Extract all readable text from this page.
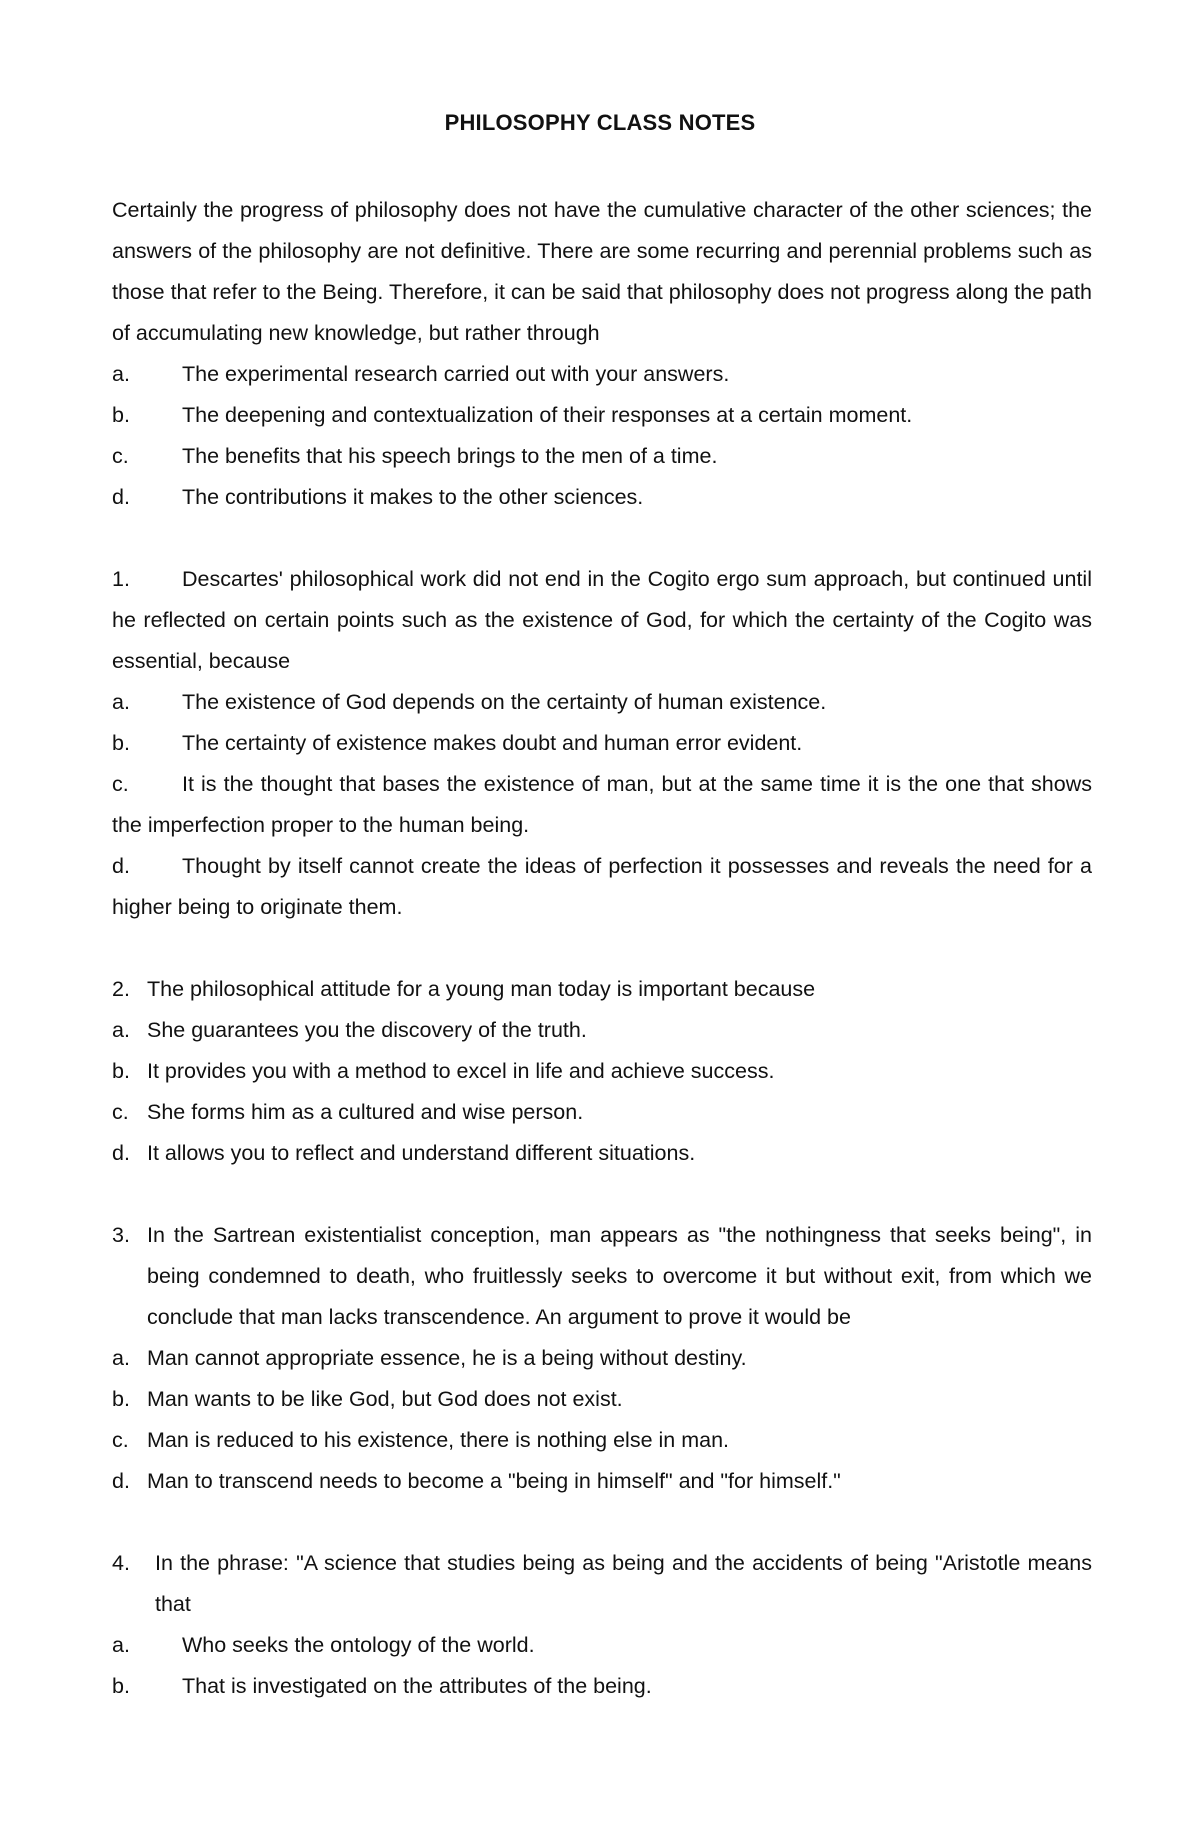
PHILOSOPHY CLASS NOTES

Certainly the progress of philosophy does not have the cumulative character of the other sciences; the answers of the philosophy are not definitive. There are some recurring and perennial problems such as those that refer to the Being. Therefore, it can be said that philosophy does not progress along the path of accumulating new knowledge, but rather through

a.	The experimental research carried out with your answers.
b.	The deepening and contextualization of their responses at a certain moment.
c.	The benefits that his speech brings to the men of a time.
d.	The contributions it makes to the other sciences.

1. Descartes' philosophical work did not end in the Cogito ergo sum approach, but continued until he reflected on certain points such as the existence of God, for which the certainty of the Cogito was essential, because

a.	The existence of God depends on the certainty of human existence.
b.	The certainty of existence makes doubt and human error evident.

c. It is the thought that bases the existence of man, but at the same time it is the one that shows the imperfection proper to the human being.

d. Thought by itself cannot create the ideas of perfection it possesses and reveals the need for a higher being to originate them.

2. The philosophical attitude for a young man today is important because
a. She guarantees you the discovery of the truth.
b. It provides you with a method to excel in life and achieve success.
c. She forms him as a cultured and wise person.
d. It allows you to reflect and understand different situations.
3. In the Sartrean existentialist conception, man appears as "the nothingness that seeks being", in being condemned to death, who fruitlessly seeks to overcome it but without exit, from which we conclude that man lacks transcendence. An argument to prove it would be
a. Man cannot appropriate essence, he is a being without destiny.
b. Man wants to be like God, but God does not exist.
c. Man is reduced to his existence, there is nothing else in man.
d. Man to transcend needs to become a "being in himself" and "for himself."
4.	In the phrase: "A science that studies being as being and the accidents of being "Aristotle means that
a.	Who seeks the ontology of the world.
b.	That is investigated on the attributes of the being.
